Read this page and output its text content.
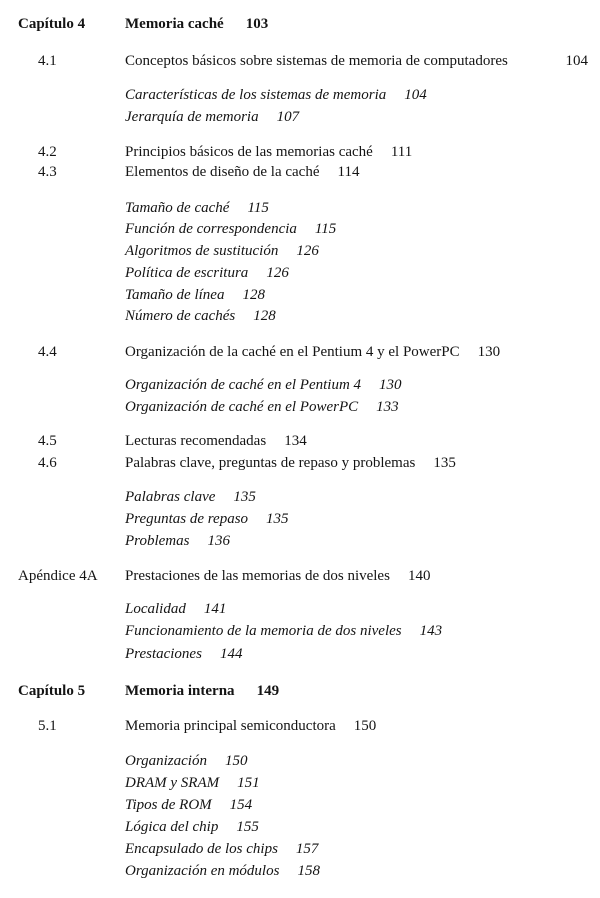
Capítulo 4	Memoria caché 103
4.1	Conceptos básicos sobre sistemas de memoria de computadores	104
Características de los sistemas de memoria 104
Jerarquía de memoria 107
4.2	Principios básicos de las memorias caché 111
4.3	Elementos de diseño de la caché 114
Tamaño de caché 115
Función de correspondencia 115
Algoritmos de sustitución 126
Política de escritura 126
Tamaño de línea 128
Número de cachés 128
4.4	Organización de la caché en el Pentium 4 y el PowerPC 130
Organización de caché en el Pentium 4 130
Organización de caché en el PowerPC 133
4.5	Lecturas recomendadas 134
4.6	Palabras clave, preguntas de repaso y problemas 135
Palabras clave 135
Preguntas de repaso 135
Problemas 136
Apéndice 4A Prestaciones de las memorias de dos niveles 140
Localidad 141
Funcionamiento de la memoria de dos niveles 143
Prestaciones 144
Capítulo 5	Memoria interna 149
5.1	Memoria principal semiconductora 150
Organización 150
DRAM y SRAM 151
Tipos de ROM 154
Lógica del chip 155
Encapsulado de los chips 157
Organización en módulos 158
